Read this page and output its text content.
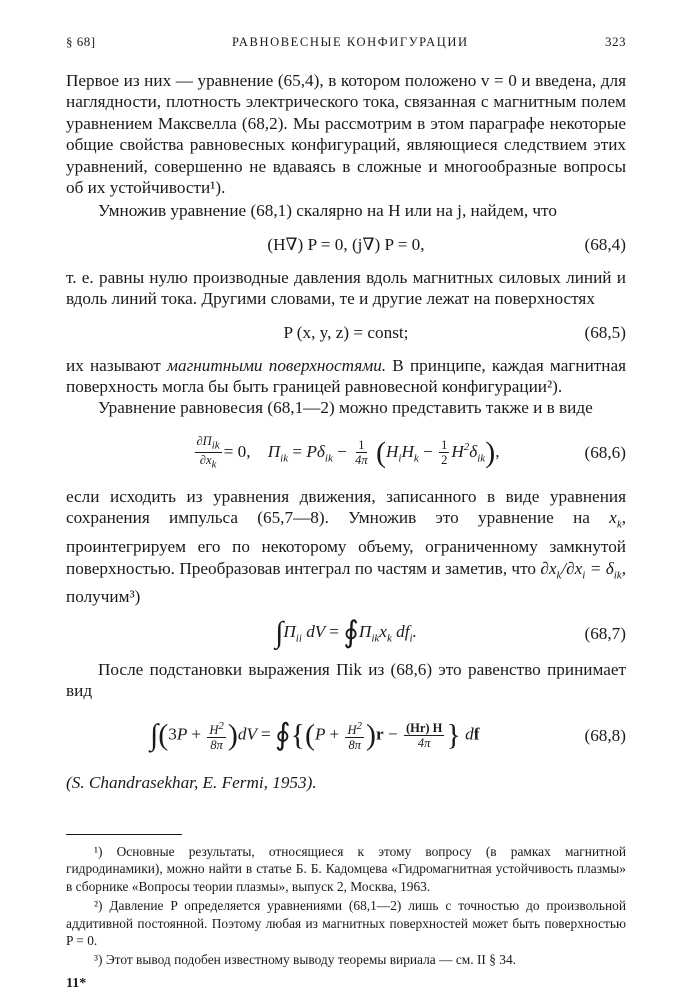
§ 68]	РАВНОВЕСНЫЕ КОНФИГУРАЦИИ	323

Первое из них — уравнение (65,4), в котором положено v = 0 и введена, для наглядности, плотность электрического тока, связанная с магнитным полем уравнением Максвелла (68,2). Мы рассмотрим в этом параграфе некоторые общие свойства равновесных конфигураций, являющиеся следствием этих уравнений, совершенно не вдаваясь в сложные и многообразные вопросы об их устойчивости¹).

Умножив уравнение (68,1) скалярно на H или на j, найдем, что

(H∇) P = 0, (j∇) P = 0,	(68,4)

т. е. равны нулю производные давления вдоль магнитных силовых линий и вдоль линий тока. Другими словами, те и другие лежат на поверхностях

P (x, y, z) = const;	(68,5)

их называют магнитными поверхностями. В принципе, каждая магнитная поверхность могла бы быть границей равновесной конфигурации²).

Уравнение равновесия (68,1—2) можно представить также и в виде

$\frac{\partial\Pi_{ik}}{\partial x_k} = 0$,    $\Pi_{ik} = P\delta_{ik} - \frac{1}{4\pi} (H_iH_k - \frac{1}{2} H^2\delta_{ik})$,	(68,6)

если исходить из уравнения движения, записанного в виде уравнения сохранения импульса (65,7—8). Умножив это уравнение на $x_k$, проинтегрируем его по некоторому объему, ограниченному замкнутой поверхностью. Преобразовав интеграл по частям и заметив, что $\partial x_k/\partial x_i = \delta_{ik}$, получим³)

$\int\Pi_{ii}$ dV = $∮\Pi_{ik}x_k$ $df_i$.	(68,7)

После подстановки выражения Πik из (68,6) это равенство принимает вид

$\int(3P + \frac{H^2}{8\pi} )dV$ = ∮{(P + $\frac{H^2}{8\pi} )r - \frac{(Hr) H}{4\pi}$ } df	(68,8)

(S. Chandrasekhar, E. Fermi, 1953).

¹) Основные результаты, относящиеся к этому вопросу (в рамках магнитной гидродинамики), можно найти в статье Б. Б. Кадомцева «Гидромагнитная устойчивость плазмы» в сборнике «Вопросы теории плазмы», выпуск 2, Москва, 1963.

²) Давление P определяется уравнениями (68,1—2) лишь с точностью до произвольной аддитивной постоянной. Поэтому любая из магнитных поверхностей может быть поверхностью P = 0.

³) Этот вывод подобен известному выводу теоремы вириала — см. II § 34.

11*
